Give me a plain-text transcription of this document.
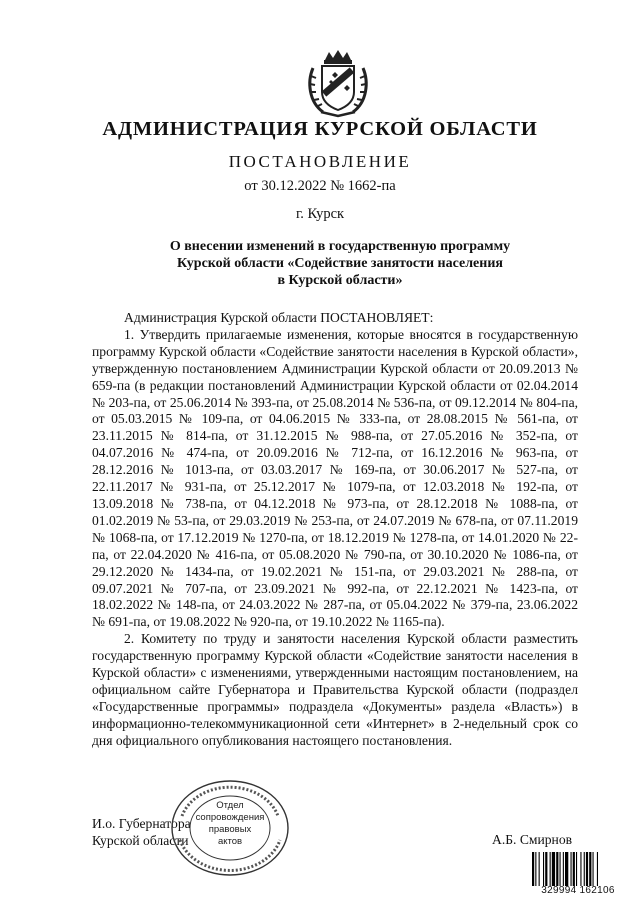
АДМИНИСТРАЦИЯ КУРСКОЙ ОБЛАСТИ
ПОСТАНОВЛЕНИЕ
от 30.12.2022 № 1662-па
г. Курск
О внесении изменений в государственную программу
Курской области «Содействие занятости населения
в Курской области»

Администрация Курской области ПОСТАНОВЛЯЕТ:

1. Утвердить прилагаемые изменения, которые вносятся в государственную программу Курской области «Содействие занятости населения в Курской области», утвержденную постановлением Администрации Курской области от 20.09.2013 № 659-па (в редакции постановлений Администрации Курской области от 02.04.2014 № 203-па, от 25.06.2014 № 393-па, от 25.08.2014 № 536-па, от 09.12.2014 № 804-па, от 05.03.2015 № 109-па, от 04.06.2015 № 333-па, от 28.08.2015 № 561-па, от 23.11.2015 № 814-па, от 31.12.2015 № 988-па, от 27.05.2016 № 352-па, от 04.07.2016 № 474-па, от 20.09.2016 № 712-па, от 16.12.2016 № 963-па, от 28.12.2016 № 1013-па, от 03.03.2017 № 169-па, от 30.06.2017 № 527-па, от 22.11.2017 № 931-па, от 25.12.2017 № 1079-па, от 12.03.2018 № 192-па, от 13.09.2018 № 738-па, от 04.12.2018 № 973-па, от 28.12.2018 № 1088-па, от 01.02.2019 № 53-па, от 29.03.2019 № 253-па, от 24.07.2019 № 678-па, от 07.11.2019 № 1068-па, от 17.12.2019 № 1270-па, от 18.12.2019 № 1278-па, от 14.01.2020 № 22-па, от 22.04.2020 № 416-па, от 05.08.2020 № 790-па, от 30.10.2020 № 1086-па, от 29.12.2020 № 1434-па, от 19.02.2021 № 151-па, от 29.03.2021 № 288-па, от 09.07.2021 № 707-па, от 23.09.2021 № 992-па, от 22.12.2021 № 1423-па, от 18.02.2022 № 148-па, от 24.03.2022 № 287-па, от 05.04.2022 № 379-па, 23.06.2022 № 691-па, от 19.08.2022 № 920-па, от 19.10.2022 № 1165-па).

2. Комитету по труду и занятости населения Курской области разместить государственную программу Курской области «Содействие занятости населения в Курской области» с изменениями, утвержденными настоящим постановлением, на официальном сайте Губернатора и Правительства Курской области (подраздел «Государственные программы» подраздела «Документы» раздела «Власть») в информационно-телекоммуникационной сети «Интернет» в 2-недельный срок со дня официального опубликования настоящего постановления.

И.о. Губернатора
Курской области	А.Б. Смирнов
Отдел
сопровождения
правовых
актов
329994 162106
